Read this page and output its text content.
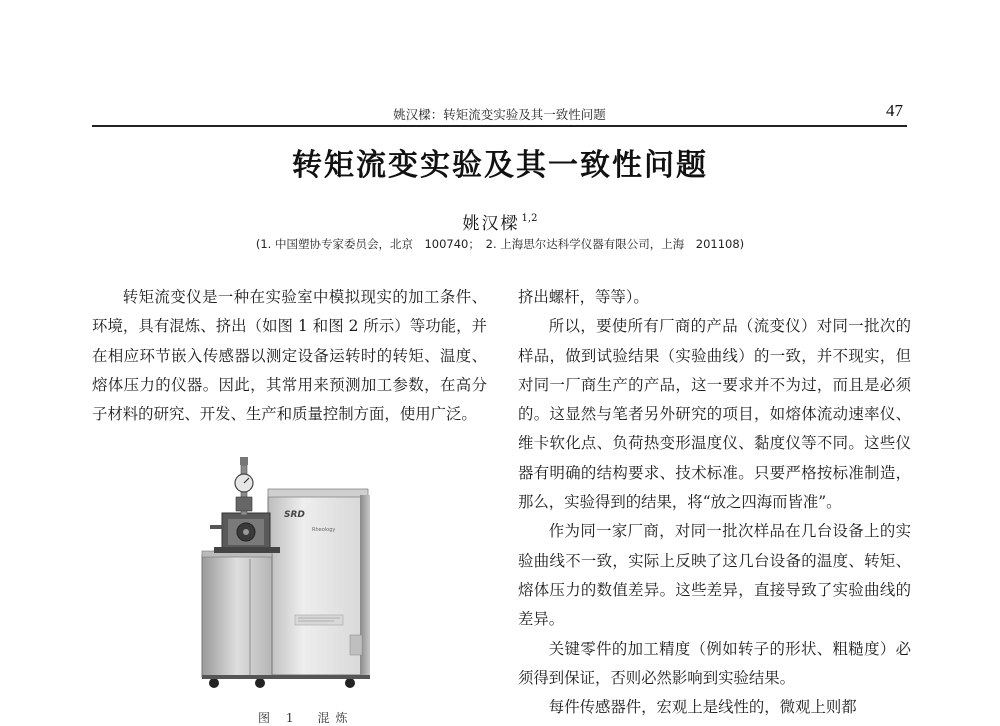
姚汉樑：转矩流变实验及其一致性问题	47
转矩流变实验及其一致性问题
姚汉樑 $^{1,2}$
(1. 中国塑协专家委员会，北京　100740；　2. 上海思尔达科学仪器有限公司，上海　201108)

转矩流变仪是一种在实验室中模拟现实的加工条件、环境，具有混炼、挤出（如图 1 和图 2 所示）等功能，并在相应环节嵌入传感器以测定设备运转时的转矩、温度、熔体压力的仪器。因此，其常用来预测加工参数，在高分子材料的研究、开发、生产和质量控制方面，使用广泛。

挤出螺杆，等等）。

所以，要使所有厂商的产品（流变仪）对同一批次的样品，做到试验结果（实验曲线）的一致，并不现实，但对同一厂商生产的产品，这一要求并不为过，而且是必须的。这显然与笔者另外研究的项目，如熔体流动速率仪、维卡软化点、负荷热变形温度仪、黏度仪等不同。这些仪器有明确的结构要求、技术标准。只要严格按标准制造，那么，实验得到的结果，将“放之四海而皆准”。

作为同一家厂商，对同一批次样品在几台设备上的实验曲线不一致，实际上反映了这几台设备的温度、转矩、熔体压力的数值差异。这些差异，直接导致了实验曲线的差异。

关键零件的加工精度（例如转子的形状、粗糙度）必须得到保证，否则必然影响到实验结果。

每件传感器件，宏观上是线性的，微观上则都

SRD
Rheology
图 1　混炼
